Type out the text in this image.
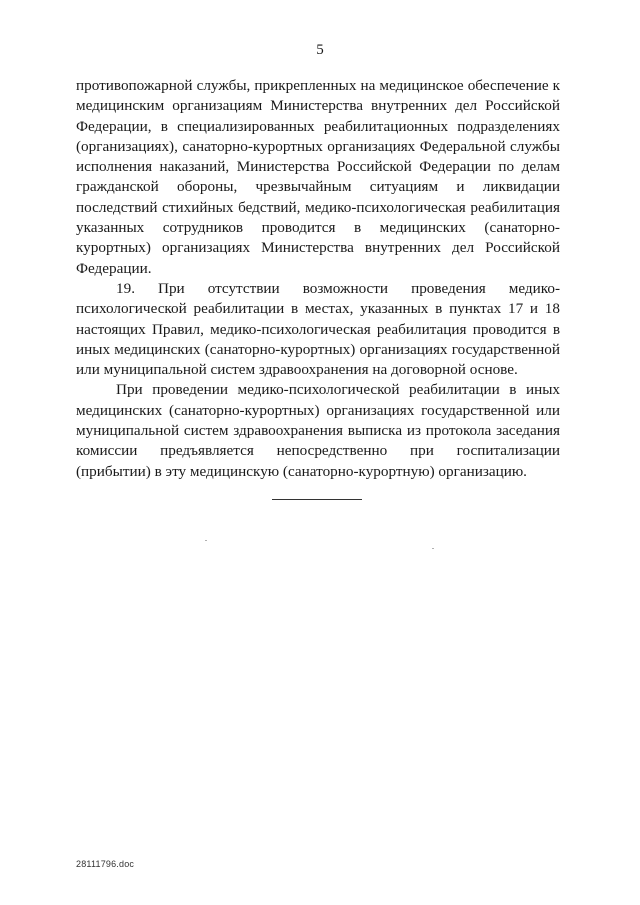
5

противопожарной службы, прикрепленных на медицинское обеспечение к медицинским организациям Министерства внутренних дел Российской Федерации, в специализированных реабилитационных подразделениях (организациях), санаторно-курортных организациях Федеральной службы исполнения наказаний, Министерства Российской Федерации по делам гражданской обороны, чрезвычайным ситуациям и ликвидации последствий стихийных бедствий, медико-психологическая реабилитация указанных сотрудников проводится в медицинских (санаторно-курортных) организациях Министерства внутренних дел Российской Федерации.

19. При отсутствии возможности проведения медико-психологической реабилитации в местах, указанных в пунктах 17 и 18 настоящих Правил, медико-психологическая реабилитация проводится в иных медицинских (санаторно-курортных) организациях государственной или муниципальной систем здравоохранения на договорной основе.

При проведении медико-психологической реабилитации в иных медицинских (санаторно-курортных) организациях государственной или муниципальной систем здравоохранения выписка из протокола заседания комиссии предъявляется непосредственно при госпитализации (прибытии) в эту медицинскую (санаторно-курортную) организацию.

28111796.doc
